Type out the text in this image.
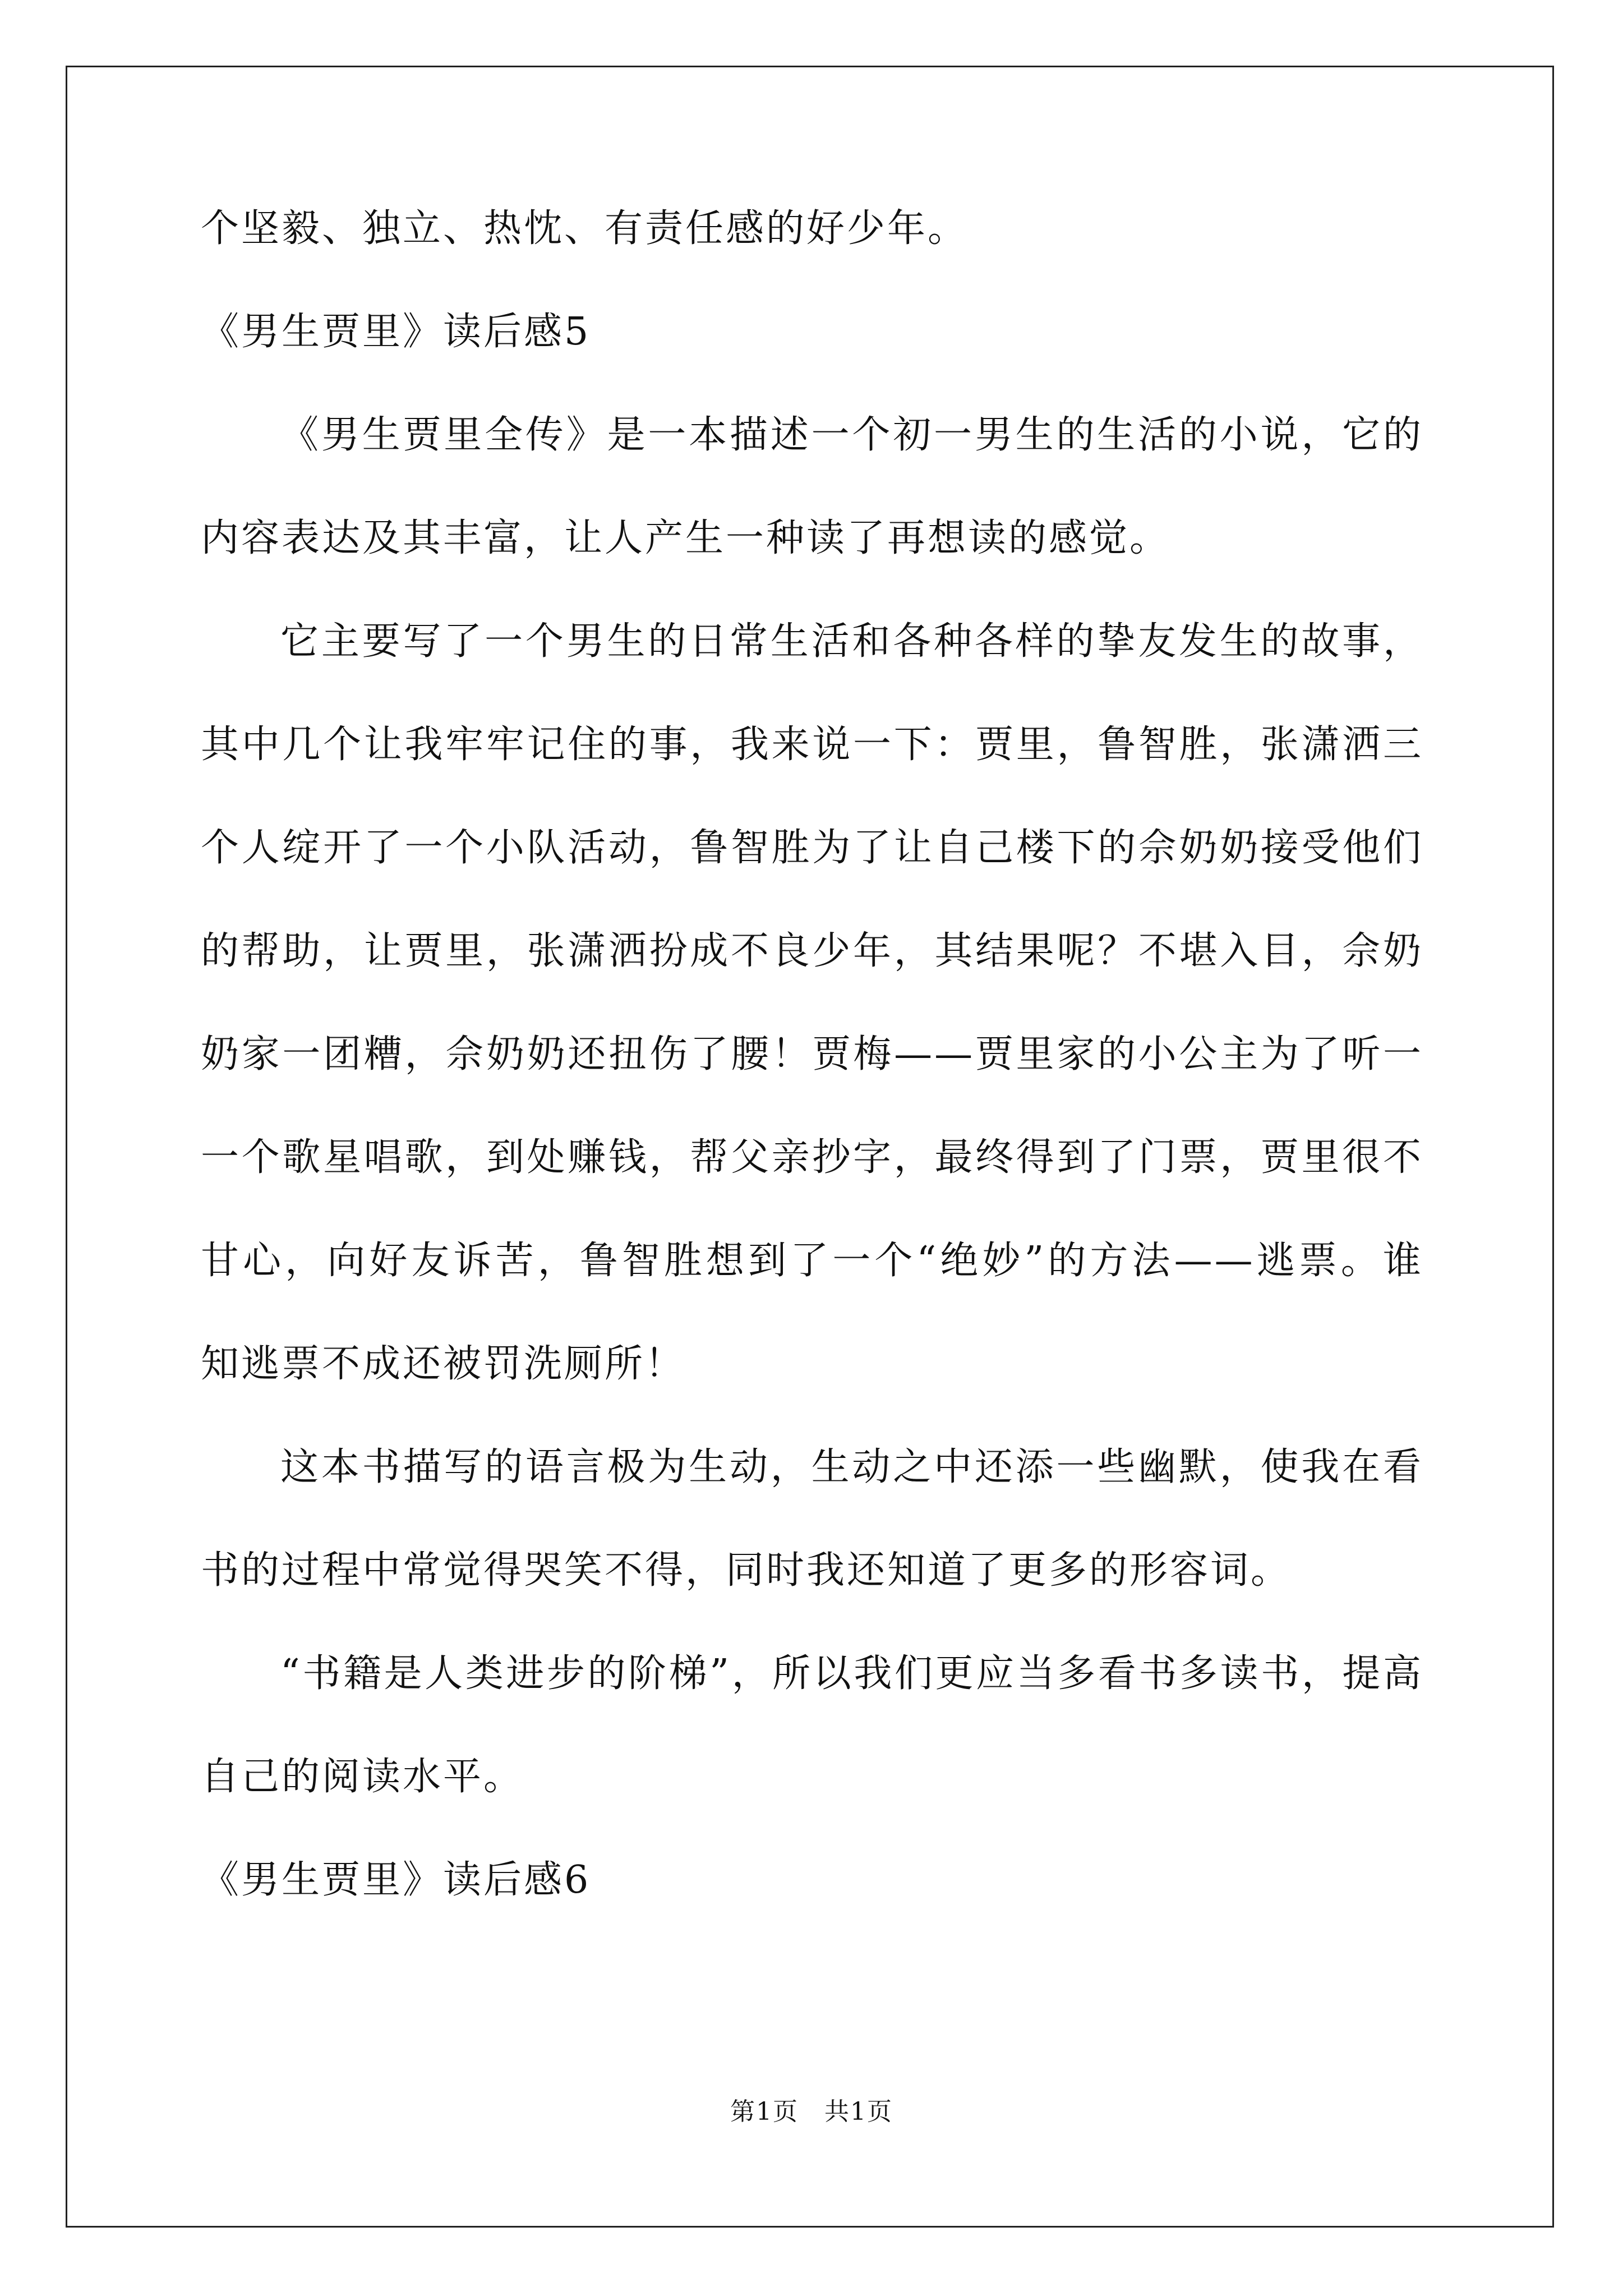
个坚毅、独立、热忱、有责任感的好少年。
《男生贾里》读后感5
《男生贾里全传》是一本描述一个初一男生的生活的小说，它的
内容表达及其丰富，让人产生一种读了再想读的感觉。
它主要写了一个男生的日常生活和各种各样的挚友发生的故事，
其中几个让我牢牢记住的事，我来说一下：贾里，鲁智胜，张潇洒三
个人绽开了一个小队活动，鲁智胜为了让自己楼下的佘奶奶接受他们
的帮助，让贾里，张潇洒扮成不良少年，其结果呢？不堪入目，佘奶
奶家一团糟，佘奶奶还扭伤了腰！贾梅——贾里家的小公主为了听一
一个歌星唱歌，到处赚钱，帮父亲抄字，最终得到了门票，贾里很不
甘心，向好友诉苦，鲁智胜想到了一个“绝妙”的方法——逃票。谁
知逃票不成还被罚洗厕所！
这本书描写的语言极为生动，生动之中还添一些幽默，使我在看
书的过程中常觉得哭笑不得，同时我还知道了更多的形容词。
“书籍是人类进步的阶梯”，所以我们更应当多看书多读书，提高
自己的阅读水平。
《男生贾里》读后感6
第1页　共1页
